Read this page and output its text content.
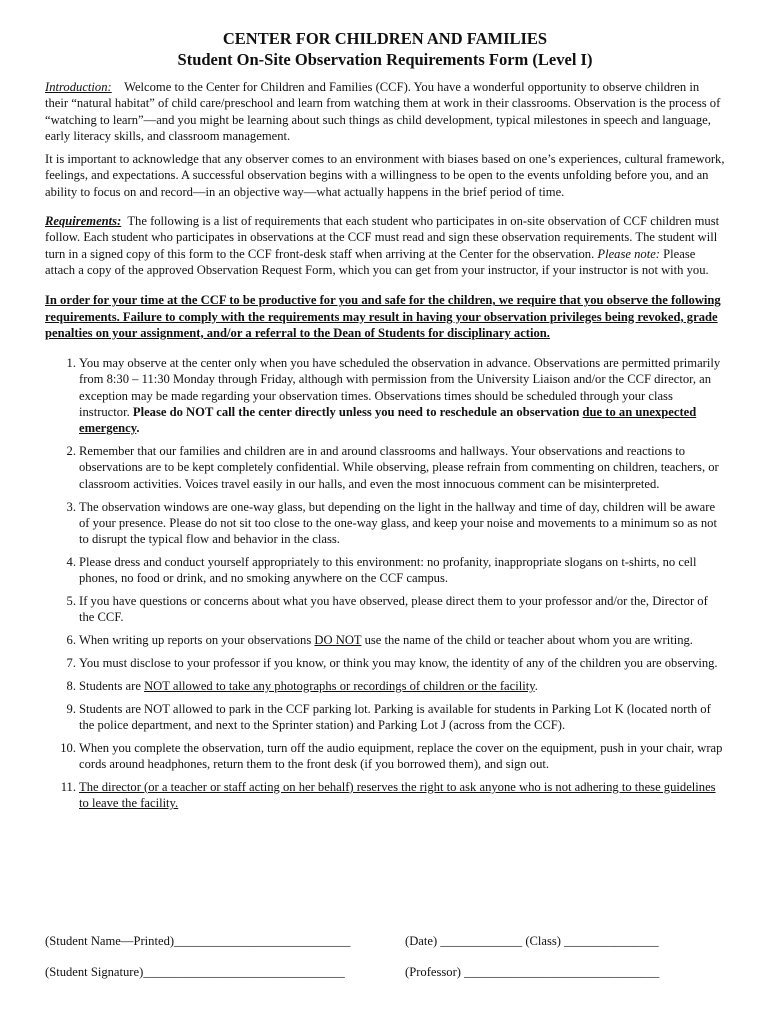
CENTER FOR CHILDREN AND FAMILIES
Student On-Site Observation Requirements Form (Level I)

Introduction: Welcome to the Center for Children and Families (CCF). You have a wonderful opportunity to observe children in their “natural habitat” of child care/preschool and learn from watching them at work in their classrooms. Observation is the process of “watching to learn”—and you might be learning about such things as child development, typical milestones in speech and language, early literacy skills, and classroom management.

It is important to acknowledge that any observer comes to an environment with biases based on one’s experiences, cultural framework, feelings, and expectations. A successful observation begins with a willingness to be open to the events unfolding before you, and an ability to focus on and record—in an objective way—what actually happens in the brief period of time.

Requirements: The following is a list of requirements that each student who participates in on-site observation of CCF children must follow. Each student who participates in observations at the CCF must read and sign these observation requirements. The student will turn in a signed copy of this form to the CCF front-desk staff when arriving at the Center for the observation. Please note: Please attach a copy of the approved Observation Request Form, which you can get from your instructor, if your instructor is not with you.

In order for your time at the CCF to be productive for you and safe for the children, we require that you observe the following requirements. Failure to comply with the requirements may result in having your observation privileges being revoked, grade penalties on your assignment, and/or a referral to the Dean of Students for disciplinary action.

1. You may observe at the center only when you have scheduled the observation in advance. Observations are permitted primarily from 8:30 – 11:30 Monday through Friday, although with permission from the University Liaison and/or the CCF director, an exception may be made regarding your observation times. Observations times should be scheduled through your class instructor. Please do NOT call the center directly unless you need to reschedule an observation due to an unexpected emergency.
2. Remember that our families and children are in and around classrooms and hallways. Your observations and reactions to observations are to be kept completely confidential. While observing, please refrain from commenting on children, teachers, or classroom activities. Voices travel easily in our halls, and even the most innocuous comment can be misinterpreted.
3. The observation windows are one-way glass, but depending on the light in the hallway and time of day, children will be aware of your presence. Please do not sit too close to the one-way glass, and keep your noise and movements to a minimum so as not to disrupt the typical flow and behavior in the class.
4. Please dress and conduct yourself appropriately to this environment: no profanity, inappropriate slogans on t-shirts, no cell phones, no food or drink, and no smoking anywhere on the CCF campus.
5. If you have questions or concerns about what you have observed, please direct them to your professor and/or the, Director of the CCF.
6. When writing up reports on your observations DO NOT use the name of the child or teacher about whom you are writing.
7. You must disclose to your professor if you know, or think you may know, the identity of any of the children you are observing.
8. Students are NOT allowed to take any photographs or recordings of children or the facility.
9. Students are NOT allowed to park in the CCF parking lot. Parking is available for students in Parking Lot K (located north of the police department, and next to the Sprinter station) and Parking Lot J (across from the CCF).
10. When you complete the observation, turn off the audio equipment, replace the cover on the equipment, push in your chair, wrap cords around headphones, return them to the front desk (if you borrowed them), and sign out.
11. The director (or a teacher or staff acting on her behalf) reserves the right to ask anyone who is not adhering to these guidelines to leave the facility.
(Student Name—Printed)____________________________	(Date) _____________ (Class) _______________
(Student Signature)________________________________	(Professor) _______________________________
